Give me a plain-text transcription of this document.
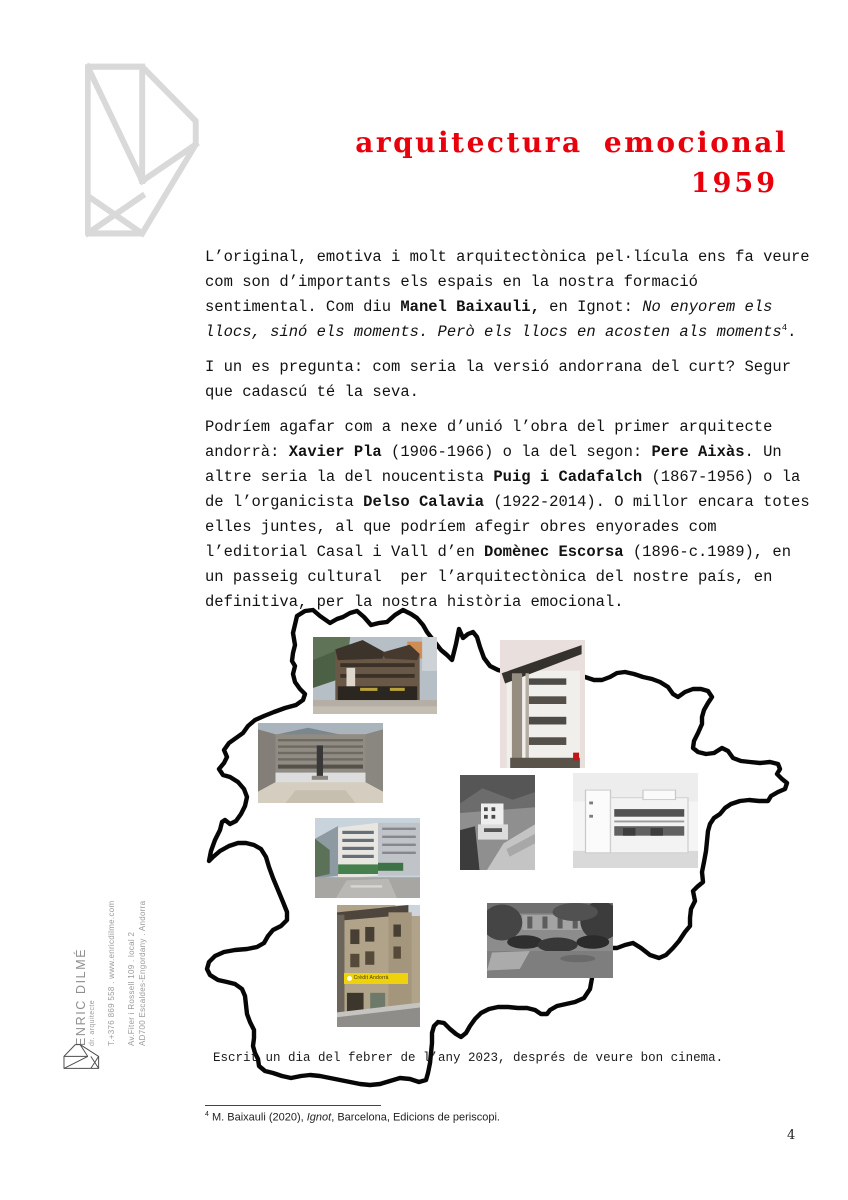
arquitectura emocional
1959

L’original, emotiva i molt arquitectònica pel·lícula ens fa veure com son d’importants els espais en la nostra formació sentimental. Com diu Manel Baixauli, en Ignot: No enyorem els llocs, sinó els moments. Però els llocs en acosten als moments$^4$.

I un es pregunta: com seria la versió andorrana del curt? Segur que cadascú té la seva.

Podríem agafar com a nexe d’unió l’obra del primer arquitecte andorrà: Xavier Pla (1906-1966) o la del segon: Pere Aixàs. Un altre seria la del noucentista Puig i Cadafalch (1867-1956) o la de l’organicista Delso Calavia (1922-2014). O millor encara totes elles juntes, al que podríem afegir obres enyorades com l’editorial Casal i Vall d’en Domènec Escorsa (1896-c.1989), en un passeig cultural  per l’arquitectònica del nostre país, en definitiva, per la nostra història emocional.

Crèdit Andorrà
Escrit un dia del febrer de l’any 2023, després de veure bon cinema.
ENRIC DILMÉ dr. arquitecte T.+376 869 558 . www.enricdilme.com Av.Fiter i Rossell 109 . local 2 AD700 Escaldes-Engordany . Andorra
$^4$ M. Baixauli (2020), Ignot, Barcelona, Edicions de periscopi.
4
